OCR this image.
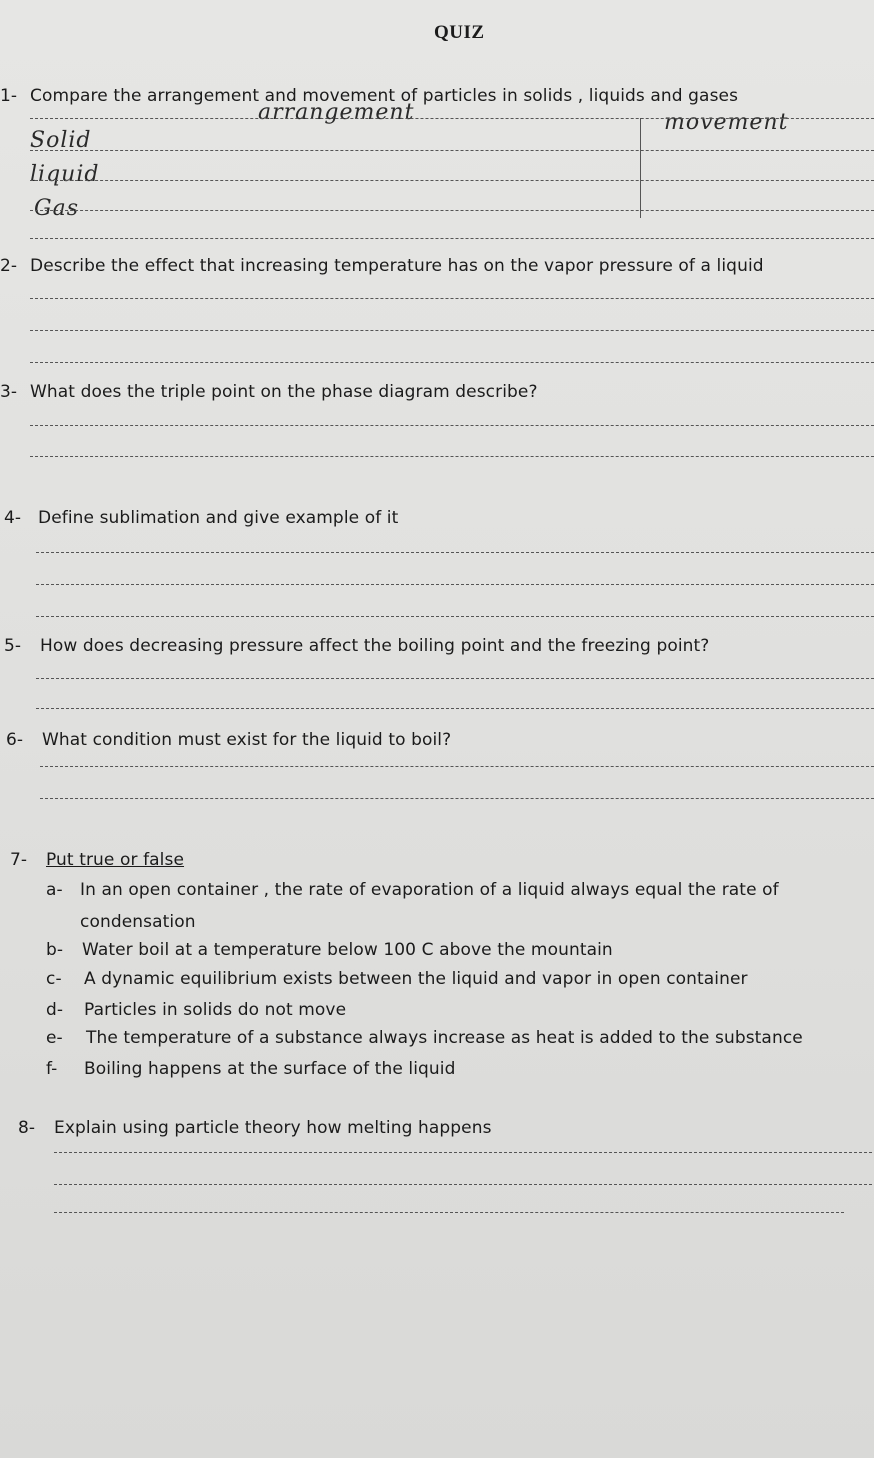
QUIZ
1- Compare the arrangement and movement of particles in solids , liquids and gases
arrangement	movement
Solid
liquid
Gas
2- Describe the effect that increasing temperature has on the vapor pressure of a liquid
3- What does the triple point on the phase diagram describe?
4- Define sublimation and give example of it
5- How does decreasing pressure affect the boiling point and the freezing point?
6- What condition must exist for the liquid to boil?
7- Put true or false
a- In an open container , the rate of evaporation of a liquid always equal the rate of
condensation
b- Water boil at a temperature below 100 C above the mountain
c- A dynamic equilibrium exists between the liquid and vapor in open container
d- Particles in solids do not move
e- The temperature of a substance always increase as heat is added to the substance
f- Boiling happens at the surface of the liquid
8- Explain using particle theory how melting happens
